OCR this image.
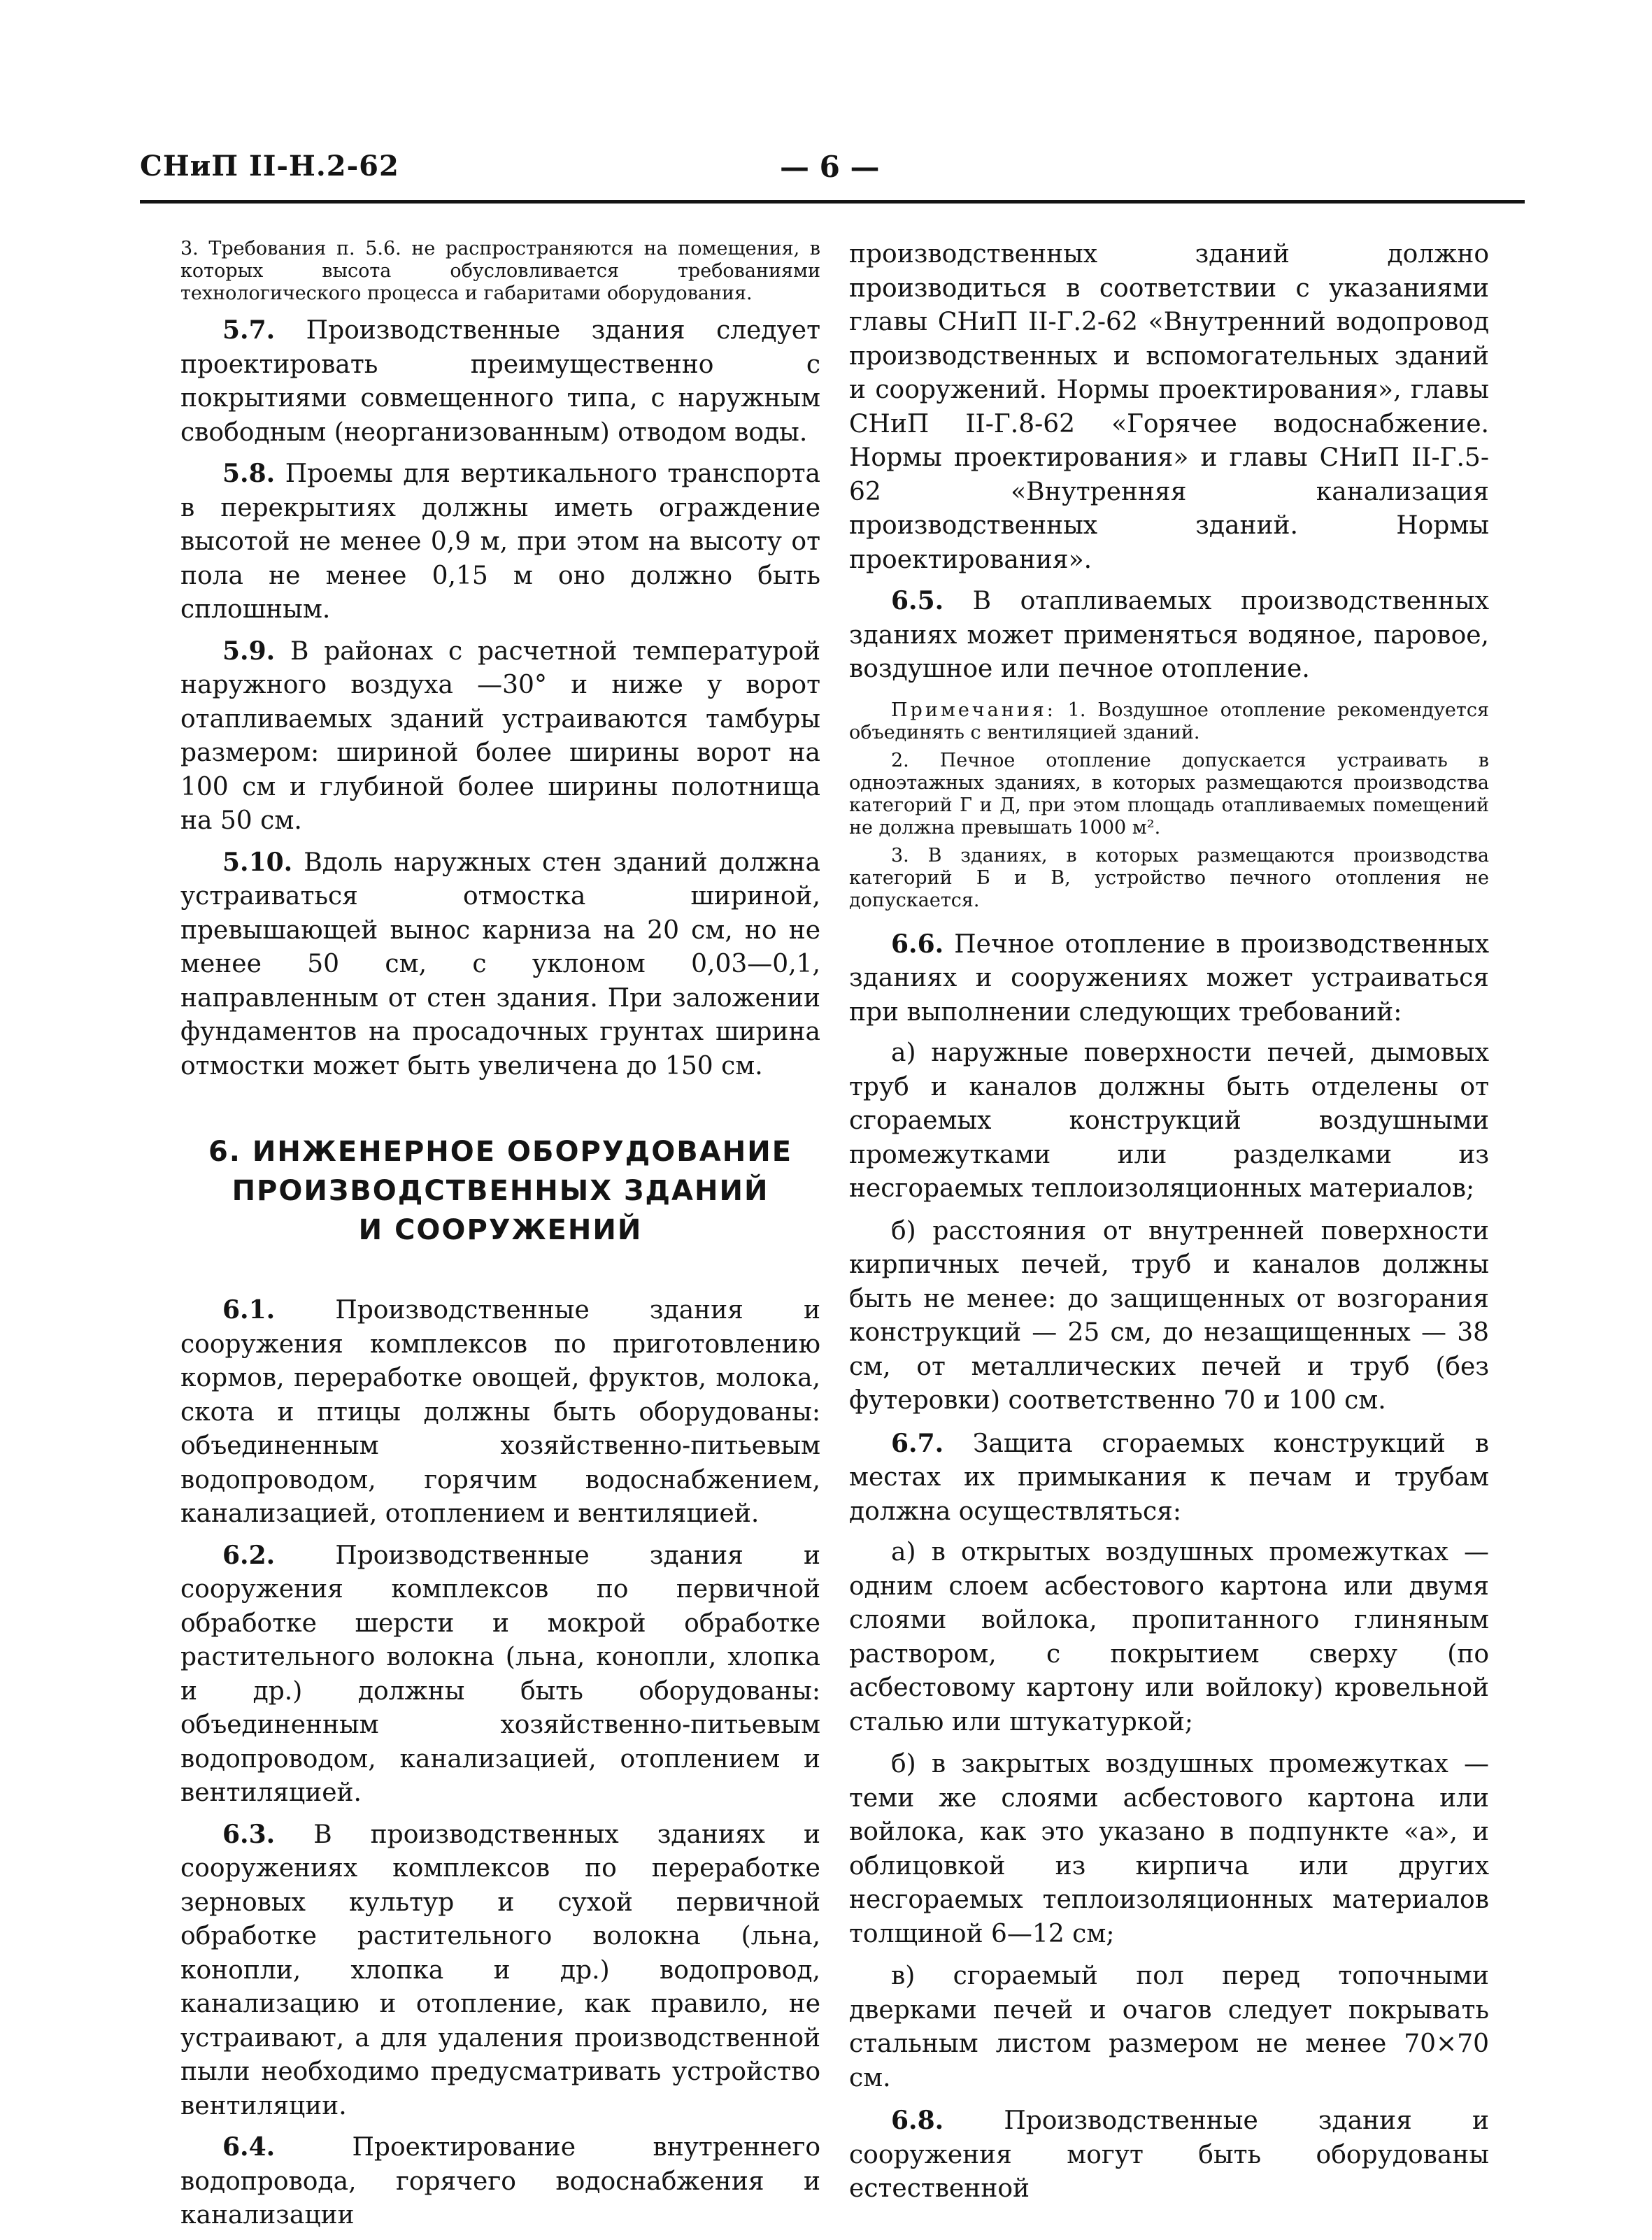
СНиП II-Н.2-62	— 6 —

3. Требования п. 5.6. не распространяются на помещения, в которых высота обусловливается требованиями технологического процесса и габаритами оборудования.

5.7. Производственные здания следует проектировать преимущественно с покрытиями совмещенного типа, с наружным свободным (неорганизованным) отводом воды.

5.8. Проемы для вертикального транспорта в перекрытиях должны иметь ограждение высотой не менее 0,9 м, при этом на высоту от пола не менее 0,15 м оно должно быть сплошным.

5.9. В районах с расчетной температурой наружного воздуха —30° и ниже у ворот отапливаемых зданий устраиваются тамбуры размером: шириной более ширины ворот на 100 см и глубиной более ширины полотнища на 50 см.

5.10. Вдоль наружных стен зданий должна устраиваться отмостка шириной, превышающей вынос карниза на 20 см, но не менее 50 см, с уклоном 0,03—0,1, направленным от стен здания. При заложении фундаментов на просадочных грунтах ширина отмостки может быть увеличена до 150 см.

6. ИНЖЕНЕРНОЕ ОБОРУДОВАНИЕ
ПРОИЗВОДСТВЕННЫХ ЗДАНИЙ
И СООРУЖЕНИЙ

6.1. Производственные здания и сооружения комплексов по приготовлению кормов, переработке овощей, фруктов, молока, скота и птицы должны быть оборудованы: объединенным хозяйственно-питьевым водопроводом, горячим водоснабжением, канализацией, отоплением и вентиляцией.

6.2. Производственные здания и сооружения комплексов по первичной обработке шерсти и мокрой обработке растительного волокна (льна, конопли, хлопка и др.) должны быть оборудованы: объединенным хозяйственно-питьевым водопроводом, канализацией, отоплением и вентиляцией.

6.3. В производственных зданиях и сооружениях комплексов по переработке зерновых культур и сухой первичной обработке растительного волокна (льна, конопли, хлопка и др.) водопровод, канализацию и отопление, как правило, не устраивают, а для удаления производственной пыли необходимо предусматривать устройство вентиляции.

6.4. Проектирование внутреннего водопровода, горячего водоснабжения и канализации

производственных зданий должно производиться в соответствии с указаниями главы СНиП II-Г.2-62 «Внутренний водопровод производственных и вспомогательных зданий и сооружений. Нормы проектирования», главы СНиП II-Г.8-62 «Горячее водоснабжение. Нормы проектирования» и главы СНиП II-Г.5-62 «Внутренняя канализация производственных зданий. Нормы проектирования».

6.5. В отапливаемых производственных зданиях может применяться водяное, паровое, воздушное или печное отопление.

Примечания: 1. Воздушное отопление рекомендуется объединять с вентиляцией зданий.

2. Печное отопление допускается устраивать в одноэтажных зданиях, в которых размещаются производства категорий Г и Д, при этом площадь отапливаемых помещений не должна превышать 1000 м².

3. В зданиях, в которых размещаются производства категорий Б и В, устройство печного отопления не допускается.

6.6. Печное отопление в производственных зданиях и сооружениях может устраиваться при выполнении следующих требований:

а) наружные поверхности печей, дымовых труб и каналов должны быть отделены от сгораемых конструкций воздушными промежутками или разделками из несгораемых теплоизоляционных материалов;

б) расстояния от внутренней поверхности кирпичных печей, труб и каналов должны быть не менее: до защищенных от возгорания конструкций — 25 см, до незащищенных — 38 см, от металлических печей и труб (без футеровки) соответственно 70 и 100 см.

6.7. Защита сгораемых конструкций в местах их примыкания к печам и трубам должна осуществляться:

а) в открытых воздушных промежутках — одним слоем асбестового картона или двумя слоями войлока, пропитанного глиняным раствором, с покрытием сверху (по асбестовому картону или войлоку) кровельной сталью или штукатуркой;

б) в закрытых воздушных промежутках — теми же слоями асбестового картона или войлока, как это указано в подпункте «а», и облицовкой из кирпича или других несгораемых теплоизоляционных материалов толщиной 6—12 см;

в) сгораемый пол перед топочными дверками печей и очагов следует покрывать стальным листом размером не менее 70×70 см.

6.8. Производственные здания и сооружения могут быть оборудованы естественной
